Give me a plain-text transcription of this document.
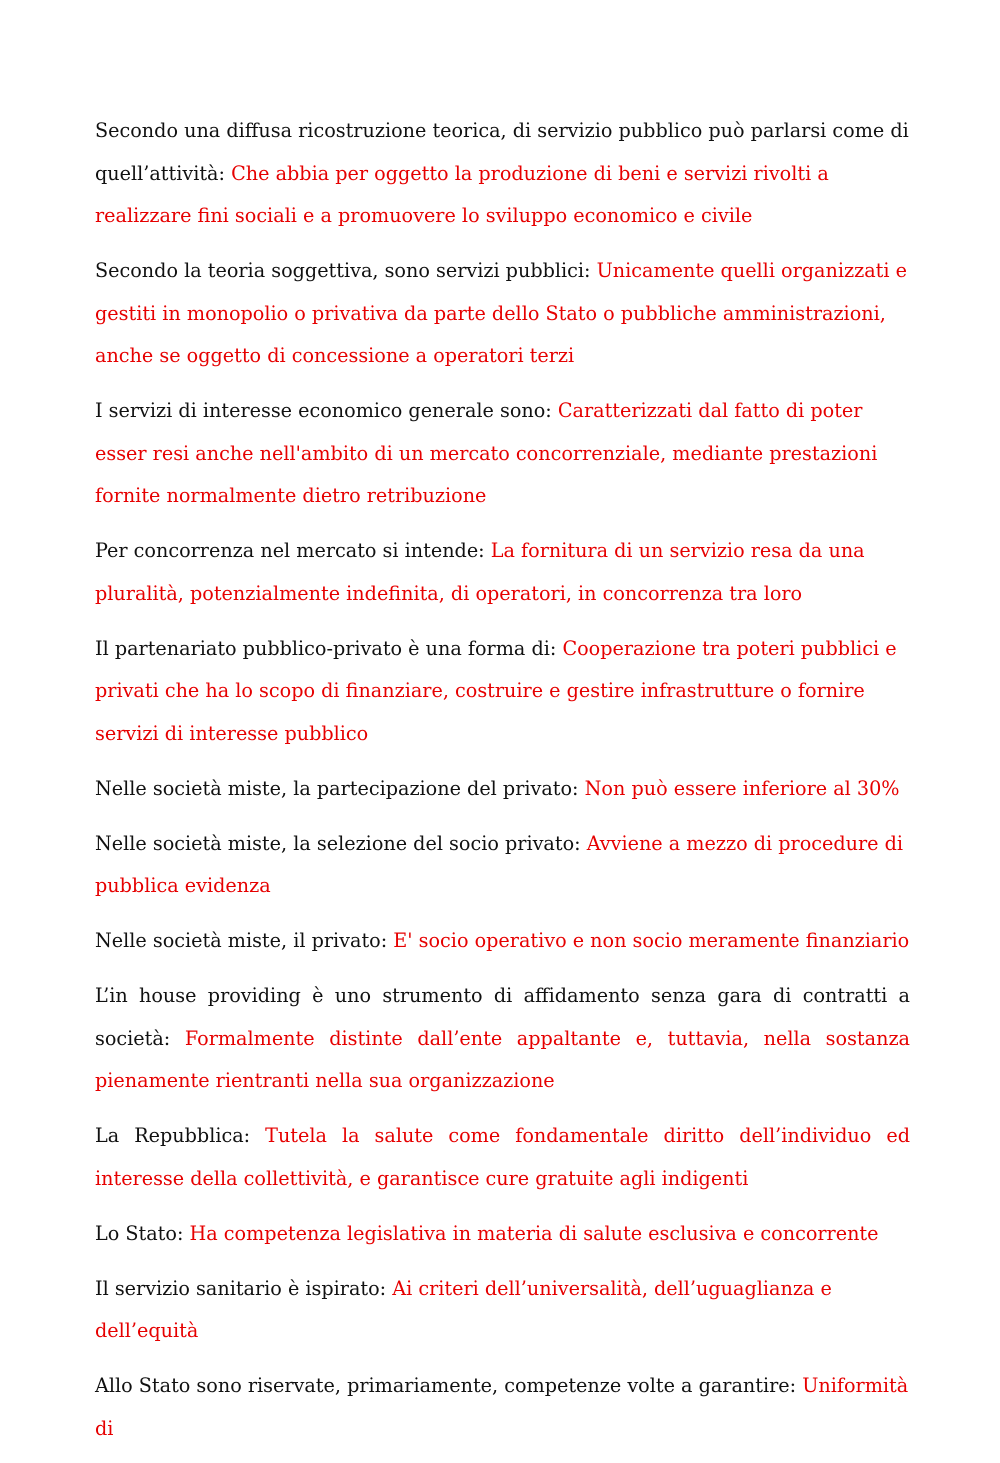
Secondo una diffusa ricostruzione teorica, di servizio pubblico può parlarsi come di quell’attività: Che abbia per oggetto la produzione di beni e servizi rivolti a realizzare fini sociali e a promuovere lo sviluppo economico e civile

Secondo la teoria soggettiva, sono servizi pubblici: Unicamente quelli organizzati e gestiti in monopolio o privativa da parte dello Stato o pubbliche amministrazioni, anche se oggetto di concessione a operatori terzi

I servizi di interesse economico generale sono: Caratterizzati dal fatto di poter esser resi anche nell'ambito di un mercato concorrenziale, mediante prestazioni fornite normalmente dietro retribuzione

Per concorrenza nel mercato si intende: La fornitura di un servizio resa da una pluralità, potenzialmente indefinita, di operatori, in concorrenza tra loro

Il partenariato pubblico-privato è una forma di: Cooperazione tra poteri pubblici e privati che ha lo scopo di finanziare, costruire e gestire infrastrutture o fornire servizi di interesse pubblico

Nelle società miste, la partecipazione del privato: Non può essere inferiore al 30%

Nelle società miste, la selezione del socio privato: Avviene a mezzo di procedure di pubblica evidenza

Nelle società miste, il privato: E' socio operativo e non socio meramente finanziario

L’in house providing è uno strumento di affidamento senza gara di contratti a società: Formalmente distinte dall’ente appaltante e, tuttavia, nella sostanza pienamente rientranti nella sua organizzazione

La Repubblica: Tutela la salute come fondamentale diritto dell’individuo ed interesse della collettività, e garantisce cure gratuite agli indigenti

Lo Stato: Ha competenza legislativa in materia di salute esclusiva e concorrente

Il servizio sanitario è ispirato: Ai criteri dell’universalità, dell’uguaglianza e dell’equità

Allo Stato sono riservate, primariamente, competenze volte a garantire: Uniformità di
